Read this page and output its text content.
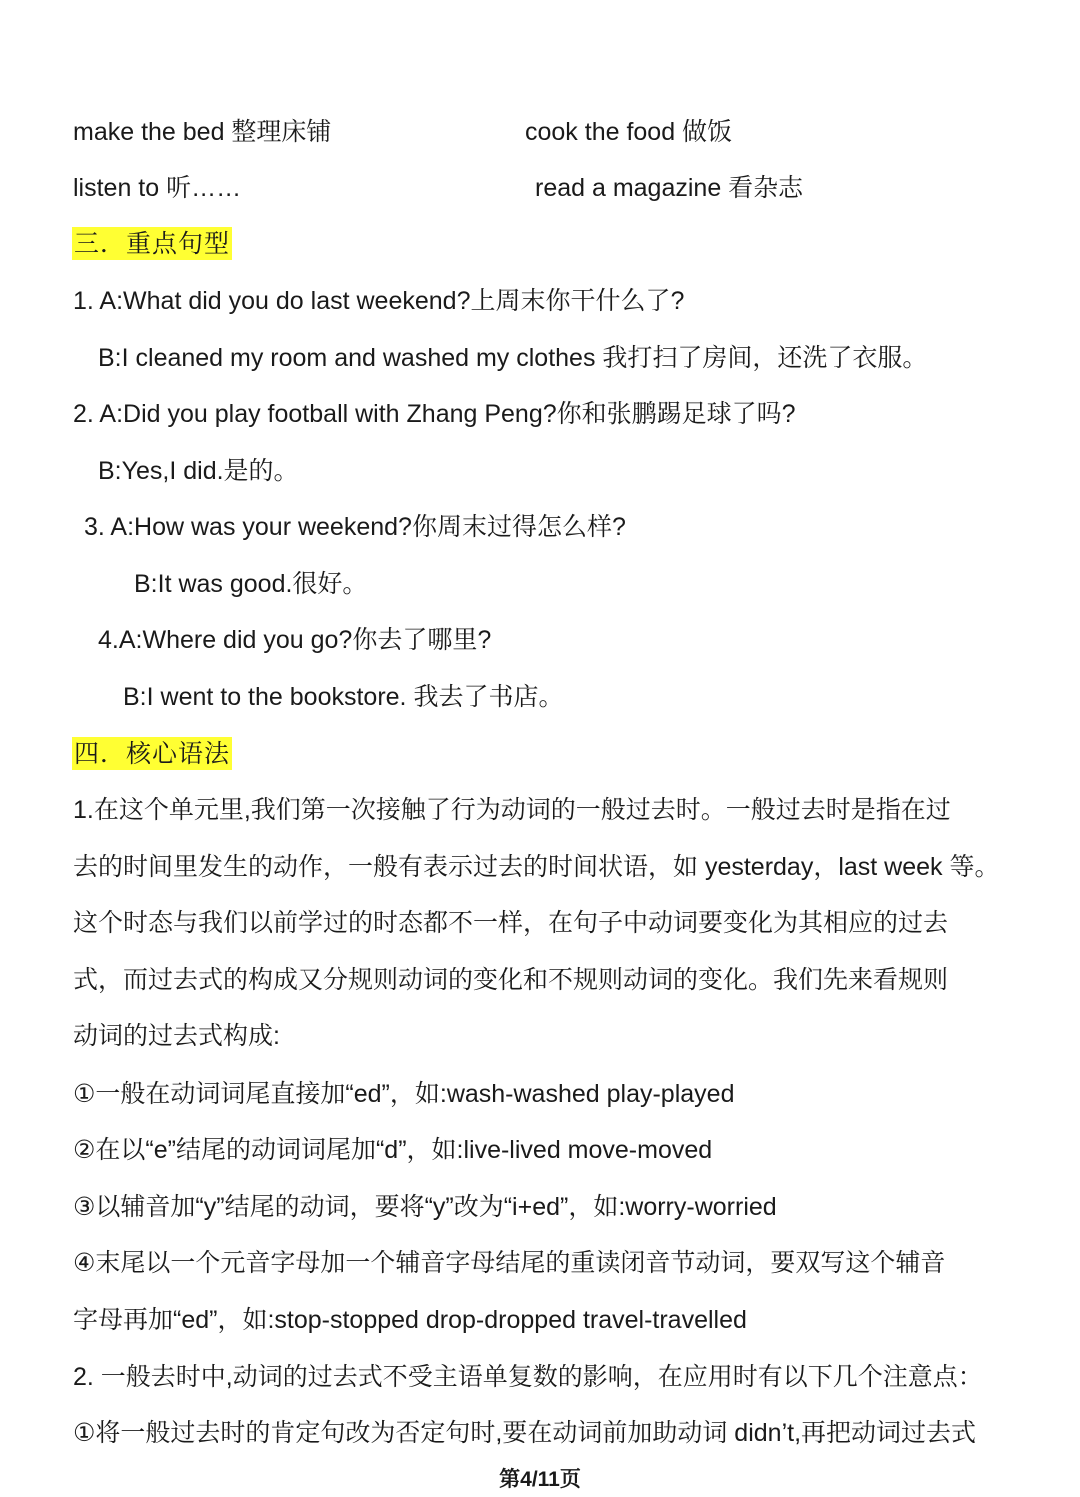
make the bed 整理床铺	cook the food 做饭
listen to 听……	read a magazine 看杂志
三．重点句型
1. A:What did you do last weekend?上周末你干什么了?
B:I cleaned my room and washed my clothes 我打扫了房间，还洗了衣服。
2. A:Did you play football with Zhang Peng?你和张鹏踢足球了吗?
B:Yes,I did.是的。
3. A:How was your weekend?你周末过得怎么样?
B:It was good.很好。
4.A:Where did you go?你去了哪里?
B:I went to the bookstore. 我去了书店。
四．核心语法
1.在这个单元里,我们第一次接触了行为动词的一般过去时。一般过去时是指在过
去的时间里发生的动作，一般有表示过去的时间状语，如 yesterday，last week 等。
这个时态与我们以前学过的时态都不一样，在句子中动词要变化为其相应的过去
式，而过去式的构成又分规则动词的变化和不规则动词的变化。我们先来看规则
动词的过去式构成:
①一般在动词词尾直接加“ed”，如:wash-washed play-played
②在以“e”结尾的动词词尾加“d”，如:live-lived move-moved
③以辅音加“y”结尾的动词，要将“y”改为“i+ed”，如:worry-worried
④末尾以一个元音字母加一个辅音字母结尾的重读闭音节动词，要双写这个辅音
字母再加“ed”，如:stop-stopped drop-dropped travel-travelled
2. 一般去时中,动词的过去式不受主语单复数的影响，在应用时有以下几个注意点：
①将一般过去时的肯定句改为否定句时,要在动词前加助动词 didn’t,再把动词过去式
第4/11页
